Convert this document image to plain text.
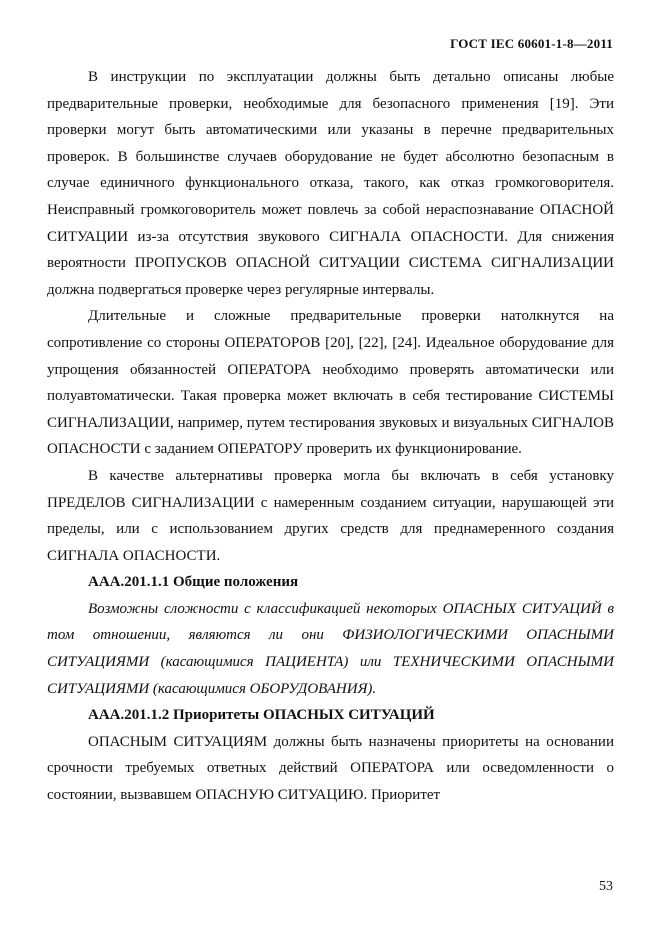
ГОСТ IEC 60601-1-8—2011

В инструкции по эксплуатации должны быть детально описаны любые предварительные проверки, необходимые для безопасного применения [19]. Эти проверки могут быть автоматическими или указаны в перечне предварительных проверок. В большинстве случаев оборудование не будет абсолютно безопасным в случае единичного функционального отказа, такого, как отказ громкоговорителя. Неисправный громкоговоритель может повлечь за собой нераспознавание ОПАСНОЙ СИТУАЦИИ из-за отсутствия звукового СИГНАЛА ОПАСНОСТИ. Для снижения вероятности ПРОПУСКОВ ОПАСНОЙ СИТУАЦИИ СИСТЕМА СИГНАЛИЗАЦИИ должна подвергаться проверке через регулярные интервалы.

Длительные и сложные предварительные проверки натолкнутся на сопротивление со стороны ОПЕРАТОРОВ [20], [22], [24]. Идеальное оборудование для упрощения обязанностей ОПЕРАТОРА необходимо проверять автоматически или полуавтоматически. Такая проверка может включать в себя тестирование СИСТЕМЫ СИГНАЛИЗАЦИИ, например, путем тестирования звуковых и визуальных СИГНАЛОВ ОПАСНОСТИ с заданием ОПЕРАТОРУ проверить их функционирование.

В качестве альтернативы проверка могла бы включать в себя установку ПРЕДЕЛОВ СИГНАЛИЗАЦИИ с намеренным созданием ситуации, нарушающей эти пределы, или с использованием других средств для преднамеренного создания СИГНАЛА ОПАСНОСТИ.

ААА.201.1.1 Общие положения

Возможны сложности с классификацией некоторых ОПАСНЫХ СИТУАЦИЙ в том отношении, являются ли они ФИЗИОЛОГИЧЕСКИМИ ОПАСНЫМИ СИТУАЦИЯМИ (касающимися ПАЦИЕНТА) или ТЕХНИЧЕСКИМИ ОПАСНЫМИ СИТУАЦИЯМИ (касающимися ОБОРУДОВАНИЯ).

ААА.201.1.2 Приоритеты ОПАСНЫХ СИТУАЦИЙ

ОПАСНЫМ СИТУАЦИЯМ должны быть назначены приоритеты на основании срочности требуемых ответных действий ОПЕРАТОРА или осведомленности о состоянии, вызвавшем ОПАСНУЮ СИТУАЦИЮ. Приоритет

53
